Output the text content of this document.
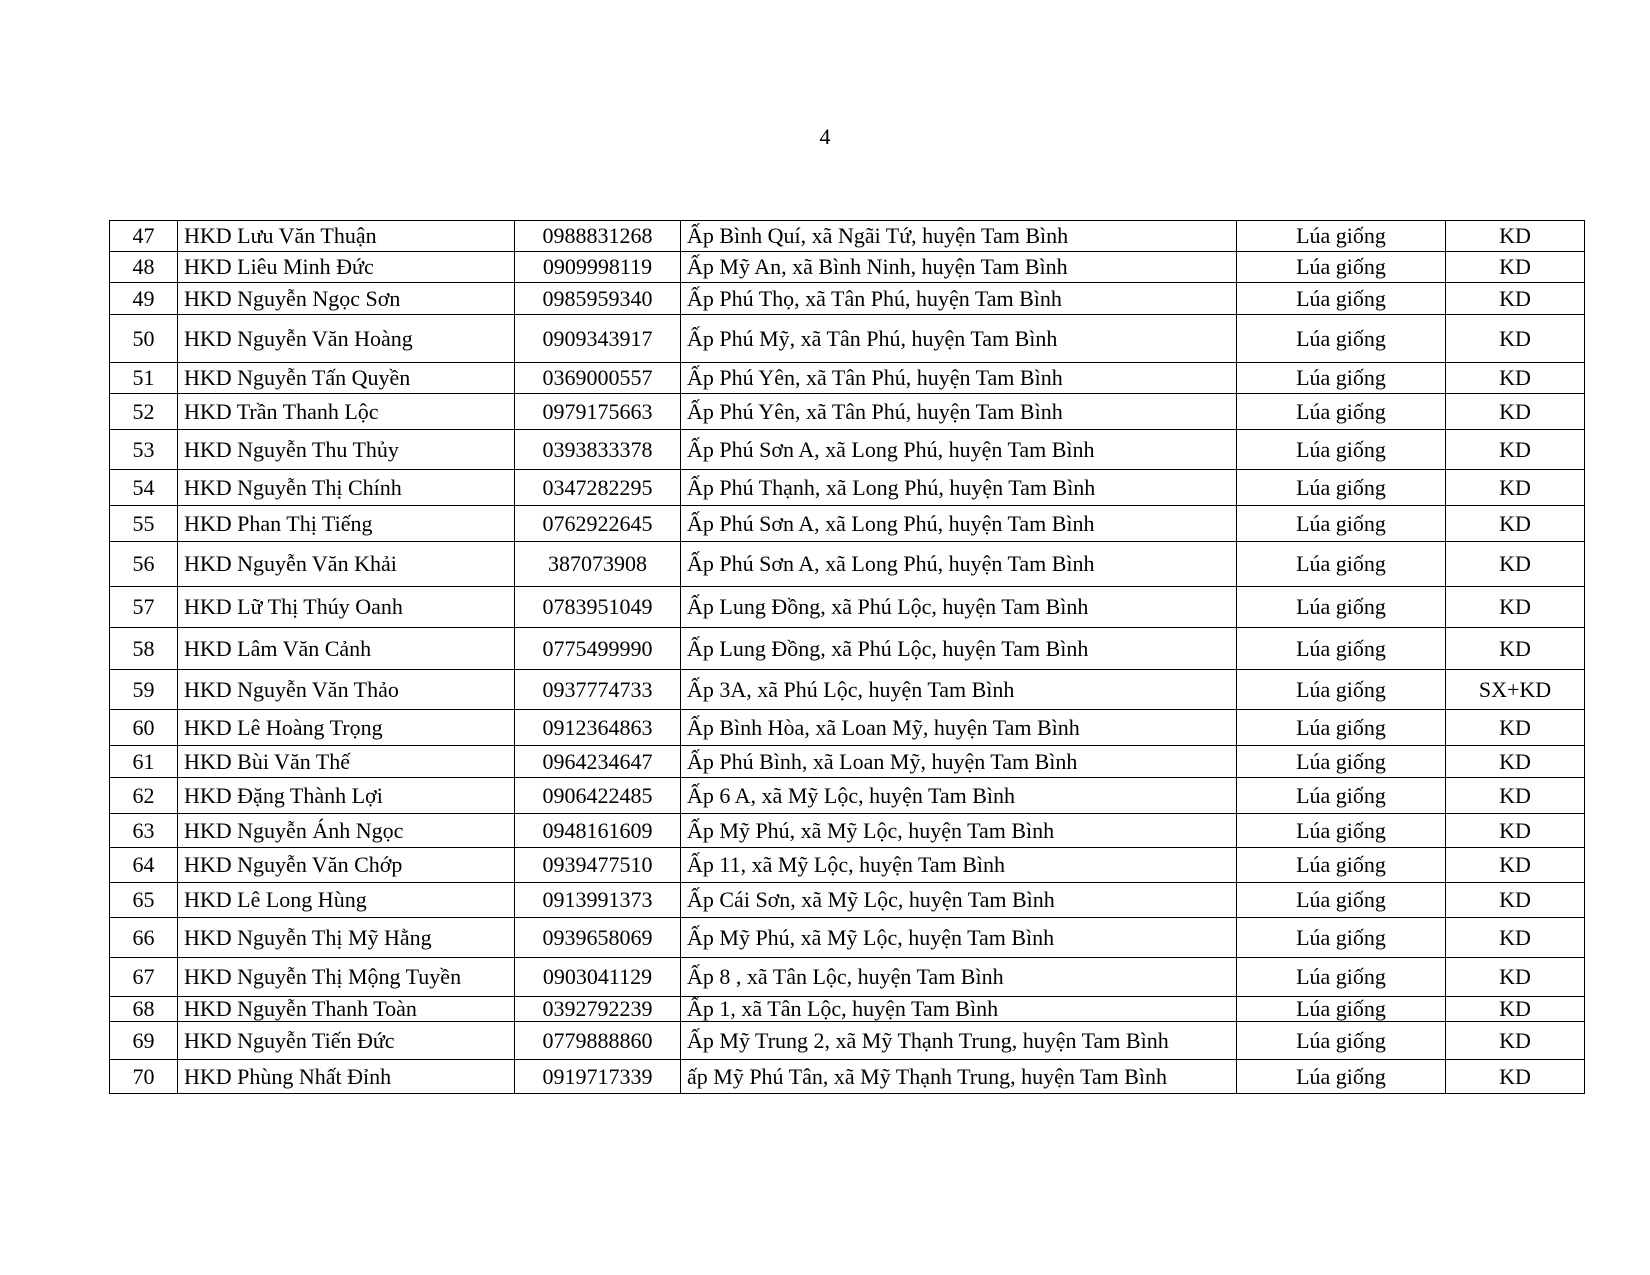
4
47	HKD Lưu Văn Thuận	0988831268	Ấp Bình Quí, xã Ngãi Tứ, huyện Tam Bình	Lúa giống	KD
48	HKD Liêu Minh Đức	0909998119	Ấp Mỹ An, xã Bình Ninh, huyện Tam Bình	Lúa giống	KD
49	HKD Nguyễn Ngọc Sơn	0985959340	Ấp Phú Thọ, xã Tân Phú, huyện Tam Bình	Lúa giống	KD
50	HKD Nguyễn Văn Hoàng	0909343917	Ấp Phú Mỹ, xã Tân Phú, huyện Tam Bình	Lúa giống	KD
51	HKD Nguyễn Tấn Quyền	0369000557	Ấp Phú Yên, xã Tân Phú, huyện Tam Bình	Lúa giống	KD
52	HKD Trần Thanh Lộc	0979175663	Ấp Phú Yên, xã Tân Phú, huyện Tam Bình	Lúa giống	KD
53	HKD Nguyễn Thu Thủy	0393833378	Ấp Phú Sơn A, xã Long Phú, huyện Tam Bình	Lúa giống	KD
54	HKD Nguyễn Thị Chính	0347282295	Ấp Phú Thạnh, xã Long Phú, huyện Tam Bình	Lúa giống	KD
55	HKD Phan Thị Tiếng	0762922645	Ấp Phú Sơn A, xã Long Phú, huyện Tam Bình	Lúa giống	KD
56	HKD Nguyễn Văn Khải	387073908	Ấp Phú Sơn A, xã Long Phú, huyện Tam Bình	Lúa giống	KD
57	HKD Lữ Thị Thúy Oanh	0783951049	Ấp Lung Đồng, xã Phú Lộc, huyện Tam Bình	Lúa giống	KD
58	HKD Lâm Văn Cảnh	0775499990	Ấp Lung Đồng, xã Phú Lộc, huyện Tam Bình	Lúa giống	KD
59	HKD Nguyễn Văn Thảo	0937774733	Ấp 3A, xã Phú Lộc, huyện Tam Bình	Lúa giống	SX+KD
60	HKD Lê Hoàng Trọng	0912364863	Ấp Bình Hòa, xã Loan Mỹ, huyện Tam Bình	Lúa giống	KD
61	HKD Bùi Văn Thế	0964234647	Ấp Phú Bình, xã Loan Mỹ, huyện Tam Bình	Lúa giống	KD
62	HKD Đặng Thành Lợi	0906422485	Ấp 6 A, xã Mỹ Lộc, huyện Tam Bình	Lúa giống	KD
63	HKD Nguyễn Ánh Ngọc	0948161609	Ấp Mỹ Phú, xã Mỹ Lộc, huyện Tam Bình	Lúa giống	KD
64	HKD Nguyễn Văn Chớp	0939477510	Ấp 11, xã Mỹ Lộc, huyện Tam Bình	Lúa giống	KD
65	HKD Lê Long Hùng	0913991373	Ấp Cái Sơn, xã Mỹ Lộc, huyện Tam Bình	Lúa giống	KD
66	HKD Nguyễn Thị Mỹ Hằng	0939658069	Ấp Mỹ Phú, xã Mỹ Lộc, huyện Tam Bình	Lúa giống	KD
67	HKD Nguyễn Thị Mộng Tuyền	0903041129	Ấp 8 , xã Tân Lộc, huyện Tam Bình	Lúa giống	KD
68	HKD Nguyễn Thanh Toàn	0392792239	Ấp 1, xã Tân Lộc, huyện Tam Bình	Lúa giống	KD
69	HKD Nguyễn Tiến Đức	0779888860	Ấp Mỹ Trung 2, xã Mỹ Thạnh Trung, huyện Tam Bình	Lúa giống	KD
70	HKD Phùng Nhất Đỉnh	0919717339	ấp Mỹ Phú Tân, xã Mỹ Thạnh Trung, huyện Tam Bình	Lúa giống	KD
